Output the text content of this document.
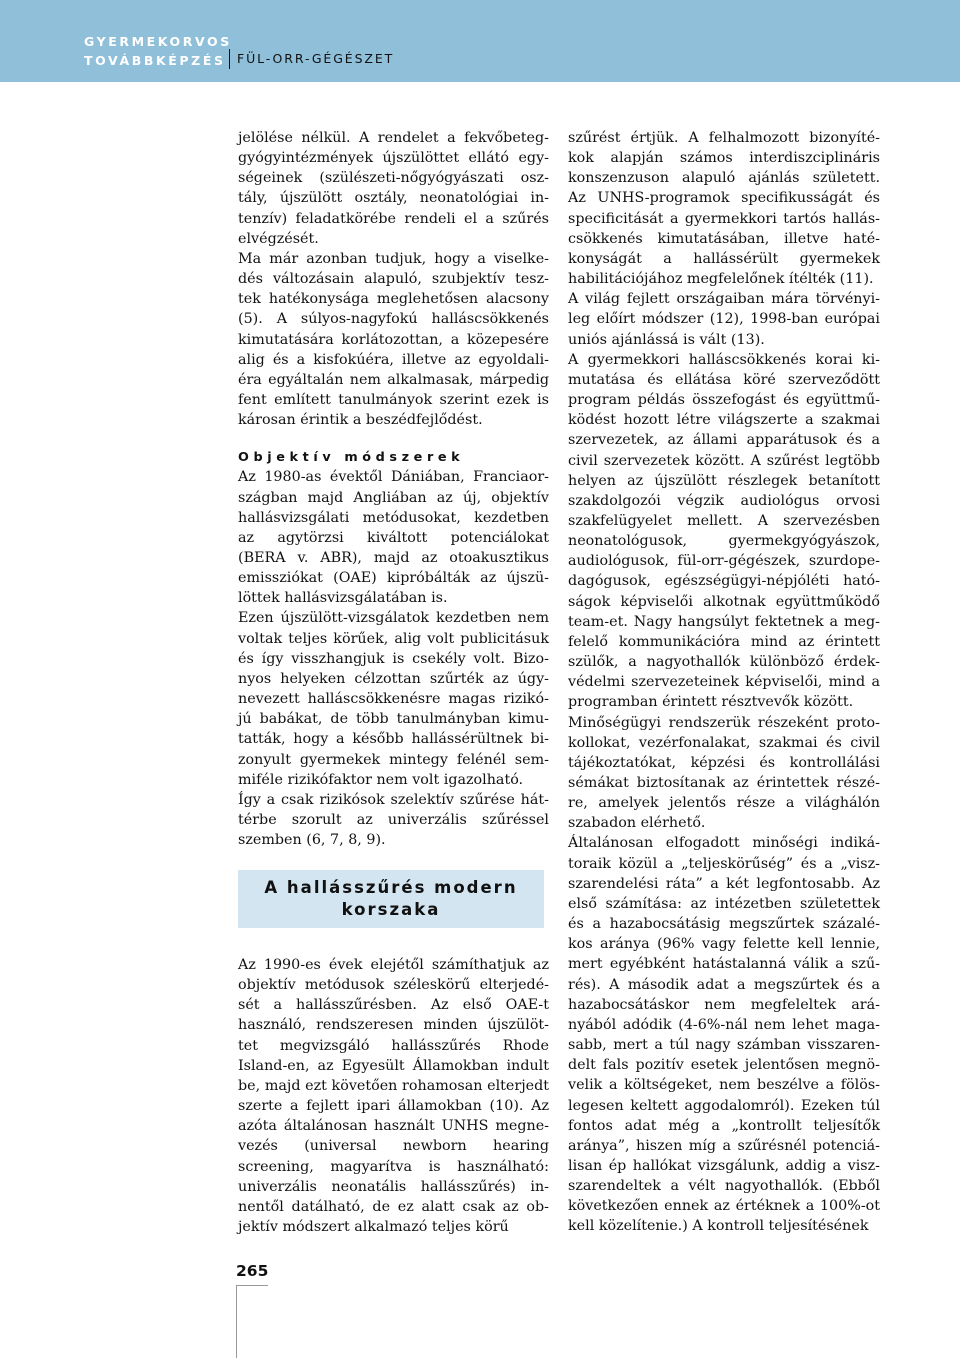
GYERMEKORVOS
TOVÁBBKÉPZÉS FÜL-ORR-GÉGÉSZET
jelölése nélkül. A rendelet a fekvőbeteg-
gyógyintézmények újszülöttet ellátó egy-
ségeinek (szülészeti-nőgyógyászati osz-
tály, újszülött osztály, neonatológiai in-
tenzív) feladatkörébe rendeli el a szűrés
elvégzését.
Ma már azonban tudjuk, hogy a viselke-
dés változásain alapuló, szubjektív tesz-
tek hatékonysága meglehetősen alacsony
(5). A súlyos-nagyfokú halláscsökkenés
kimutatására korlátozottan, a közepesére
alig és a kisfokúéra, illetve az egyoldali-
éra egyáltalán nem alkalmasak, márpedig
fent említett tanulmányok szerint ezek is
károsan érintik a beszédfejlődést.
Objektív módszerek
Az 1980-as évektől Dániában, Franciaor-
szágban majd Angliában az új, objektív
hallásvizsgálati metódusokat, kezdetben
az agytörzsi kiváltott potenciálokat
(BERA v. ABR), majd az otoakusztikus
emissziókat (OAE) kipróbálták az újszü-
löttek hallásvizsgálatában is.
Ezen újszülött-vizsgálatok kezdetben nem
voltak teljes körűek, alig volt publicitásuk
és így visszhangjuk is csekély volt. Bizo-
nyos helyeken célzottan szűrték az úgy-
nevezett halláscsökkenésre magas rizikó-
jú babákat, de több tanulmányban kimu-
tatták, hogy a később hallássérültnek bi-
zonyult gyermekek mintegy felénél sem-
miféle rizikófaktor nem volt igazolható.
Így a csak rizikósok szelektív szűrése hát-
térbe szorult az univerzális szűréssel
szemben (6, 7, 8, 9).
A hallásszűrés modern
korszaka
Az 1990-es évek elejétől számíthatjuk az
objektív metódusok széleskörű elterjedé-
sét a hallásszűrésben. Az első OAE-t
használó, rendszeresen minden újszülöt-
tet megvizsgáló hallásszűrés Rhode
Island-en, az Egyesült Államokban indult
be, majd ezt követően rohamosan elterjedt
szerte a fejlett ipari államokban (10). Az
azóta általánosan használt UNHS megne-
vezés (universal newborn hearing
screening, magyarítva is használható:
univerzális neonatális hallásszűrés) in-
nentől datálható, de ez alatt csak az ob-
jektív módszert alkalmazó teljes körű
szűrést értjük. A felhalmozott bizonyíté-
kok alapján számos interdiszciplináris
konszenzuson alapuló ajánlás született.
Az UNHS-programok specifikusságát és
specificitását a gyermekkori tartós hallás-
csökkenés kimutatásában, illetve haté-
konyságát a hallássérült gyermekek
habilitációjához megfelelőnek ítélték (11).
A világ fejlett országaiban mára törvényi-
leg előírt módszer (12), 1998-ban európai
uniós ajánlássá is vált (13).
A gyermekkori halláscsökkenés korai ki-
mutatása és ellátása köré szerveződött
program példás összefogást és együttmű-
ködést hozott létre világszerte a szakmai
szervezetek, az állami apparátusok és a
civil szervezetek között. A szűrést legtöbb
helyen az újszülött részlegek betanított
szakdolgozói végzik audiológus orvosi
szakfelügyelet mellett. A szervezésben
neonatológusok, gyermekgyógyászok,
audiológusok, fül-orr-gégészek, szurdope-
dagógusok, egészségügyi-népjóléti ható-
ságok képviselői alkotnak együttműködő
team-et. Nagy hangsúlyt fektetnek a meg-
felelő kommunikációra mind az érintett
szülők, a nagyothallók különböző érdek-
védelmi szervezeteinek képviselői, mind a
programban érintett résztvevők között.
Minőségügyi rendszerük részeként proto-
kollokat, vezérfonalakat, szakmai és civil
tájékoztatókat, képzési és kontrollálási
sémákat biztosítanak az érintettek részé-
re, amelyek jelentős része a világhálón
szabadon elérhető.
Általánosan elfogadott minőségi indiká-
toraik közül a „teljeskörűség” és a „visz-
szarendelési ráta” a két legfontosabb. Az
első számítása: az intézetben születettek
és a hazabocsátásig megszűrtek százalé-
kos aránya (96% vagy felette kell lennie,
mert egyébként hatástalanná válik a szű-
rés). A második adat a megszűrtek és a
hazabocsátáskor nem megfeleltek ará-
nyából adódik (4-6%-nál nem lehet maga-
sabb, mert a túl nagy számban visszaren-
delt fals pozitív esetek jelentősen megnö-
velik a költségeket, nem beszélve a fölös-
legesen keltett aggodalomról). Ezeken túl
fontos adat még a „kontrollt teljesítők
aránya”, hiszen míg a szűrésnél potenciá-
lisan ép hallókat vizsgálunk, addig a visz-
szarendeltek a vélt nagyothallók. (Ebből
következően ennek az értéknek a 100%-ot
kell közelítenie.) A kontroll teljesítésének
265
